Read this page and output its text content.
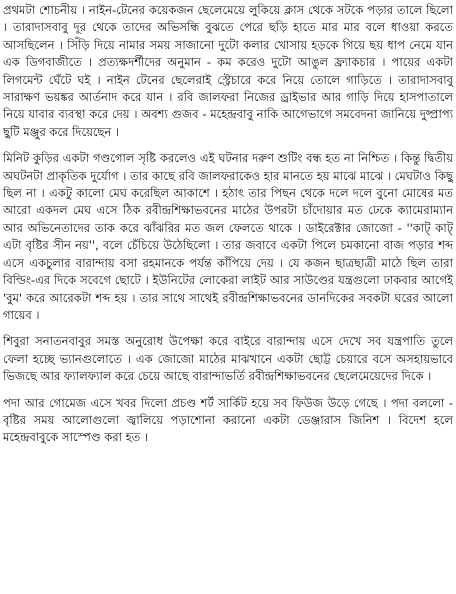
প্রথমটা শোচনীয় । নাইন-টেনের কয়েকজন ছেলেমেয়ে লুকিয়ে ক্লাস থেকে সটকে পড়ার তালে ছিলো । তারাদাসবাবু দূর থেকে তাদের অভিসন্ধি বুঝতে পেরে ছড়ি হাতে মার মার বলে ধাওয়া করতে আসছিলেন । সিঁড়ি দিয়ে নামার সময় সাজানো দুটো কলার খোসায় হড়কে গিয়ে ছয় ধাপ নেমে যান এক ডিগবাজীতে । প্রত্যক্ষদর্শীদের অনুমান - কম করেও দুটো আঙুল ফ্র্যাকচার । পায়ের একটা লিগমেন্ট ঘেঁটে ঘই । নাইন টেনের ছেলেরাই স্ট্রেচারে করে নিয়ে তোলে গাড়িতে । তারাদাসবাবু সারাক্ষণ ভয়ঙ্কর আর্তনাদ করে যান । রবি জালফরা নিজের ড্রাইভার আর গাড়ি দিয়ে হাসপাতালে নিয়ে যাবার ব্যবস্থা করে দেয় । অবশ্য গুজব - মহেন্দ্রবাবু নাকি আগেভাগে সমবেদনা জানিয়ে দুষ্প্রাপ্য ছুটি মঞ্জুর করে দিয়েছেন ।

মিনিট কুড়ির একটা গণ্ডগোল সৃষ্টি করলেও এই ঘটনার দরুণ শুটিং বন্ধ হত না নিশ্চিত । কিন্তু দ্বিতীয় অঘটনটা প্রাকৃতিক দুর্যোগ । তার কাছে রবি জালফরাকেও হার মানতে হয় মাঝে মাঝে । মেঘটাও কিছু ছিল না । একটু কালো মেঘ করেছিল আকাশে । হঠাৎ তার পিছন থেকে দলে দলে বুনো মোষের মত আরো একদল মেঘ এসে ঠিক রবীন্দ্রশিক্ষাভবনের মাঠের উপরটা চাঁদোয়ার মত ঢেকে ক্যামেরাম্যান আর অভিনেতাদের তাক করে ঝাঁঝরির মত জল ফেলতে থাকে । ডাইরেক্টার জোজো - ''কাট্ কাট্ এটা বৃষ্টির সীন নয়'', বলে চেঁচিয়ে উঠেছিলো । তার জবাবে একটা পিলে চমকানো বাজ পড়ার শব্দ এসে একচুলার বারান্দায় বসা রহমানকে পর্যন্ত কাঁপিয়ে দেয় । যে কজন ছাত্রছাত্রী মাঠে ছিল তারা বিল্ডিং-এর দিকে সবেগে ছোটে । ইউনিটের লোকেরা লাইট আর সাউণ্ডের যন্ত্রগুলো ঢাকবার আগেই 'বুম' করে আরেকটা শব্দ হয় । তার সাথে সাথেই রবীন্দ্রশিক্ষাভবনের ডানদিকের সবকটা ঘরের আলো গায়েব ।

শিবুরা সনাতনবাবুর সমস্ত অনুরোধ উপেক্ষা করে বাইরে বারান্দায় এসে দেখে সব যন্ত্রপাতি তুলে ফেলা হচ্ছে ভ্যানগুলোতে । এক জোজো মাঠের মাঝখানে একটা ছোট্ট চেয়ারে বসে অসহায়ভাবে ভিজছে আর ফ্যালফ্যাল করে চেয়ে আছে বারান্দাভর্তি রবীন্দ্রশিক্ষাভবনের ছেলেমেয়েদের দিকে ।

পদা আর গোমেজ এসে খবর দিলো প্রচণ্ড শর্ট সার্কিট হয়ে সব ফিউজ উড়ে গেছে । পদা বললো - বৃষ্টির সময় আলোগুলো জ্বালিয়ে পড়াশোনা করানো একটা ডেঞ্জারাস জিনিশ । বিদেশ হলে মহেন্দ্রবাবুকে সাস্পেণ্ড করা হত ।
